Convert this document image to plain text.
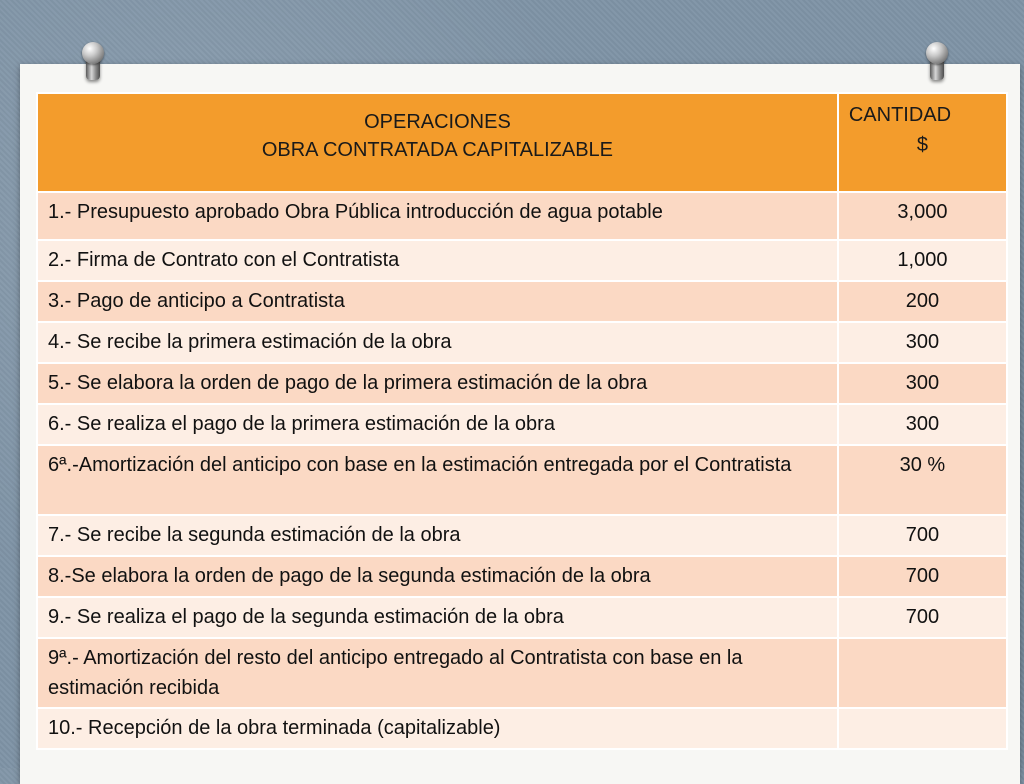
OPERACIONES
OBRA CONTRATADA CAPITALIZABLE	CANTIDAD
$

1.- Presupuesto aprobado Obra Pública introducción de agua potable	3,000
2.- Firma de Contrato con el Contratista	1,000
3.- Pago de anticipo a Contratista	200
4.- Se recibe la primera estimación de la obra	300
5.- Se elabora la orden de pago de la primera estimación de la obra	300
6.- Se realiza el pago de la primera estimación de la obra	300
6ª.-Amortización del anticipo con base en la estimación entregada por el Contratista	30 %
7.- Se recibe la segunda estimación de la obra	700
8.-Se elabora la orden de pago de la segunda estimación de la obra	700
9.- Se realiza el pago de la segunda estimación de la obra	700
9ª.- Amortización del resto del anticipo entregado al Contratista con base en la estimación recibida	
10.- Recepción de la obra terminada (capitalizable)	
